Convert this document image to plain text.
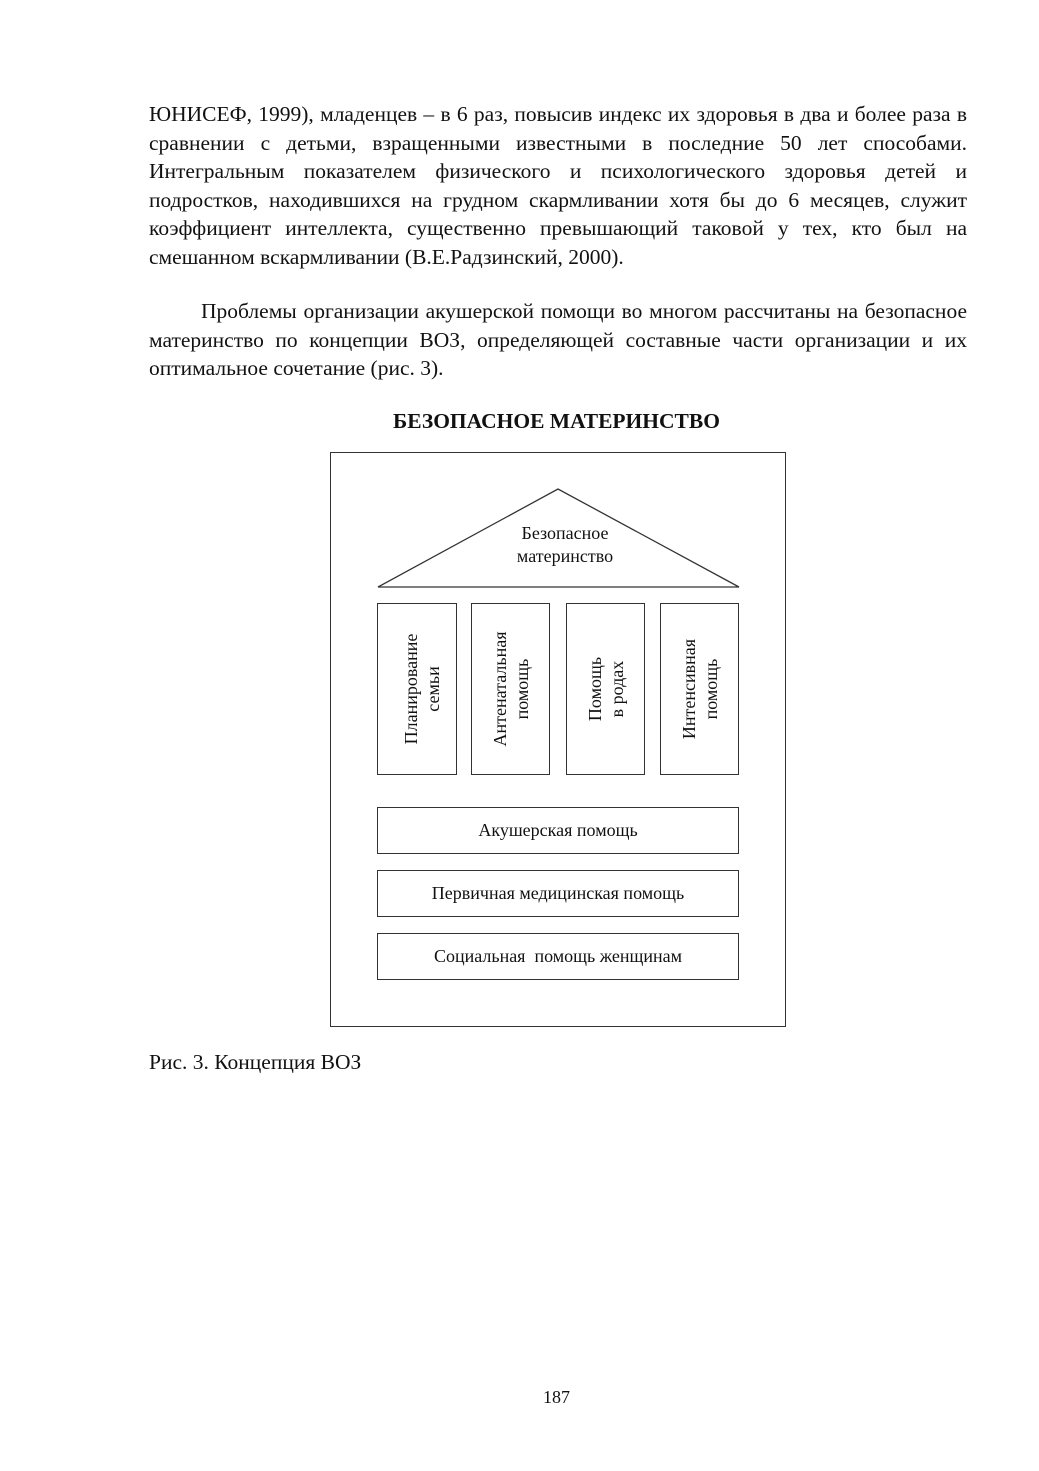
ЮНИСЕФ, 1999), младенцев – в 6 раз, повысив индекс их здоровья в два и более раза в сравнении с детьми, взращенными известными в последние 50 лет способами. Интегральным показателем физического и психологического здоровья детей и подростков, находившихся на грудном скармливании хотя бы до 6 месяцев, служит коэффициент интеллекта, существенно превышающий таковой у тех, кто был на смешанном вскармливании (В.Е.Радзинский, 2000).

Проблемы организации акушерской помощи во многом рассчитаны на безопасное материнство по концепции ВОЗ, определяющей составные части организации и их оптимальное сочетание (рис. 3).

БЕЗОПАСНОЕ МАТЕРИНСТВО

Безопасное
материнство
Планирование семьи	Антенатальная помощь	Помощь в родах	Интенсивная помощь
Акушерская помощь
Первичная медицинская помощь
Социальная  помощь женщинам

Рис. 3. Концепция ВОЗ

187
